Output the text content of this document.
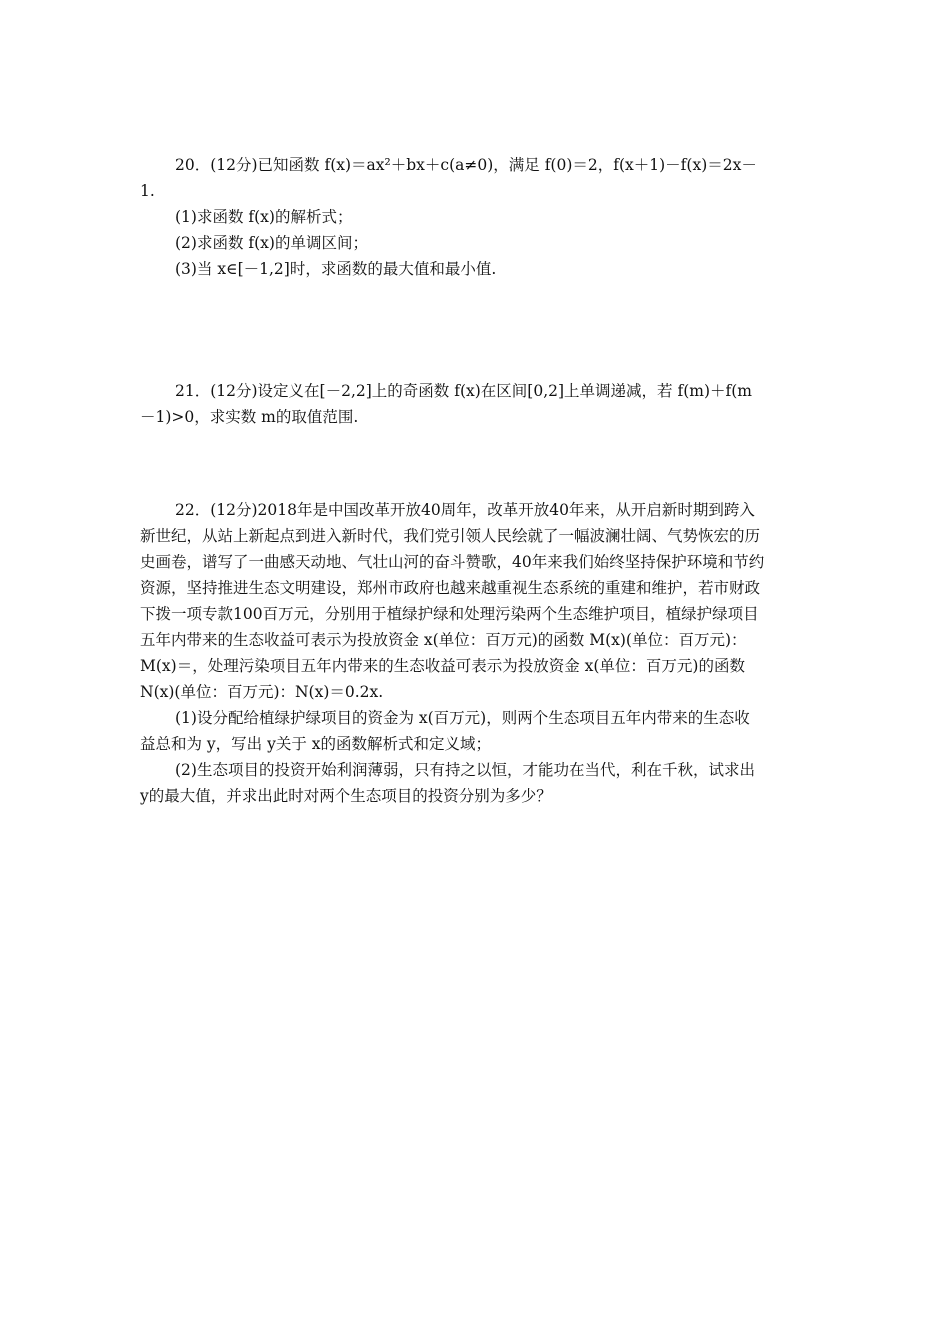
20．(12分)已知函数 f(x)＝ax²＋bx＋c(a≠0)，满足 f(0)＝2，f(x＋1)－f(x)＝2x－

1.

(1)求函数 f(x)的解析式；

(2)求函数 f(x)的单调区间；

(3)当 x∈[－1,2]时，求函数的最大值和最小值.

21．(12分)设定义在[－2,2]上的奇函数 f(x)在区间[0,2]上单调递减，若 f(m)＋f(m

－1)>0，求实数 m的取值范围.

22．(12分)2018年是中国改革开放40周年，改革开放40年来，从开启新时期到跨入

新世纪，从站上新起点到进入新时代，我们党引领人民绘就了一幅波澜壮阔、气势恢宏的历

史画卷，谱写了一曲感天动地、气壮山河的奋斗赞歌，40年来我们始终坚持保护环境和节约

资源，坚持推进生态文明建设，郑州市政府也越来越重视生态系统的重建和维护，若市财政

下拨一项专款100百万元，分别用于植绿护绿和处理污染两个生态维护项目，植绿护绿项目

五年内带来的生态收益可表示为投放资金 x(单位：百万元)的函数 M(x)(单位：百万元)：

M(x)＝，处理污染项目五年内带来的生态收益可表示为投放资金 x(单位：百万元)的函数

N(x)(单位：百万元)：N(x)＝0.2x.

(1)设分配给植绿护绿项目的资金为 x(百万元)，则两个生态项目五年内带来的生态收

益总和为 y，写出 y关于 x的函数解析式和定义域；

(2)生态项目的投资开始利润薄弱，只有持之以恒，才能功在当代，利在千秋，试求出

y的最大值，并求出此时对两个生态项目的投资分别为多少？
